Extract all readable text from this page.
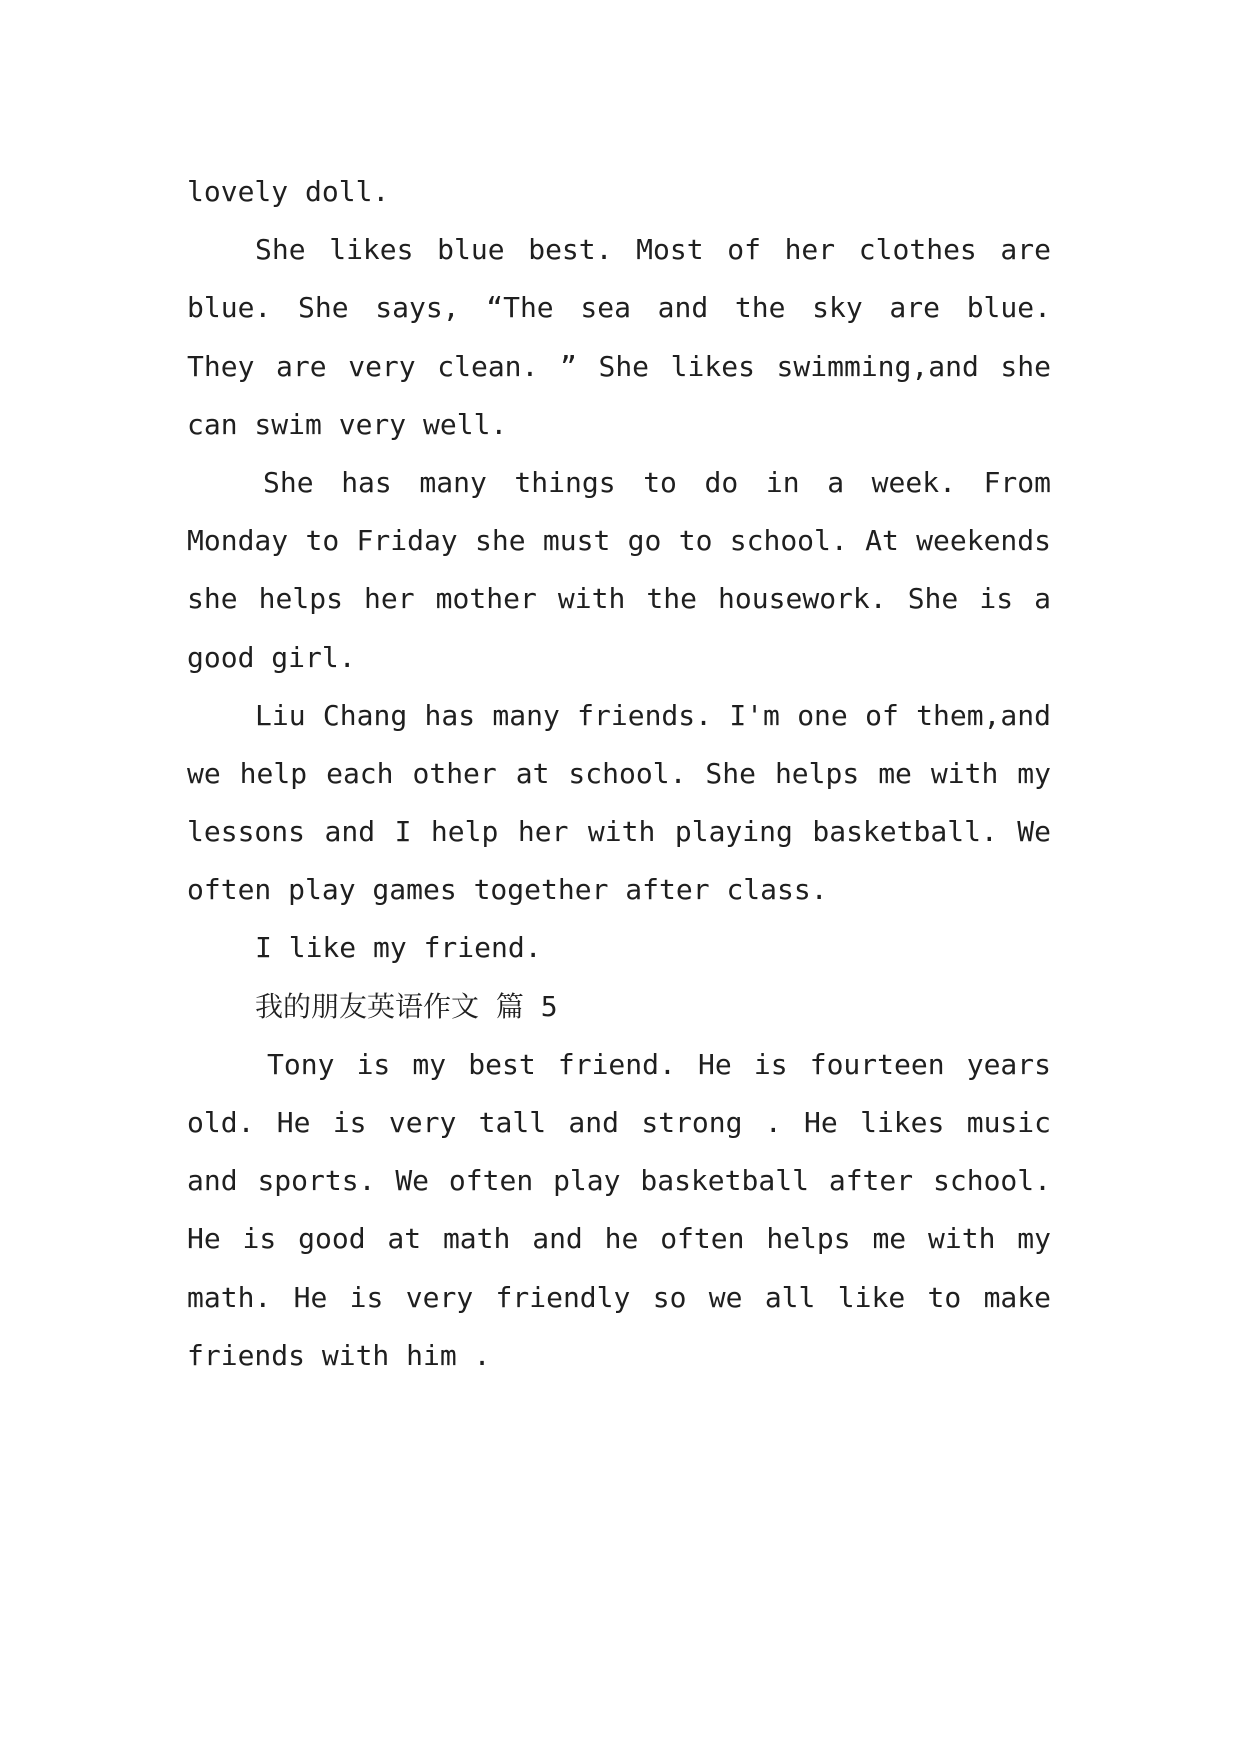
lovely doll.
She likes blue best. Most of her clothes are
blue. She says, “The sea and the sky are blue.
They are very clean. ” She likes swimming,and she
can swim very well.
She has many things to do in a week. From
Monday to Friday she must go to school. At weekends
she helps her mother with the housework. She is a
good girl.
Liu Chang has many friends. I'm one of them,and
we help each other at school. She helps me with my
lessons and I help her with playing basketball. We
often play games together after class.
I like my friend.
我的朋友英语作文 篇 5
Tony is my best friend. He is fourteen years
old. He is very tall and strong . He likes music
and sports. We often play basketball after school.
He is good at math and he often helps me with my
math. He is very friendly so we all like to make
friends with him .
